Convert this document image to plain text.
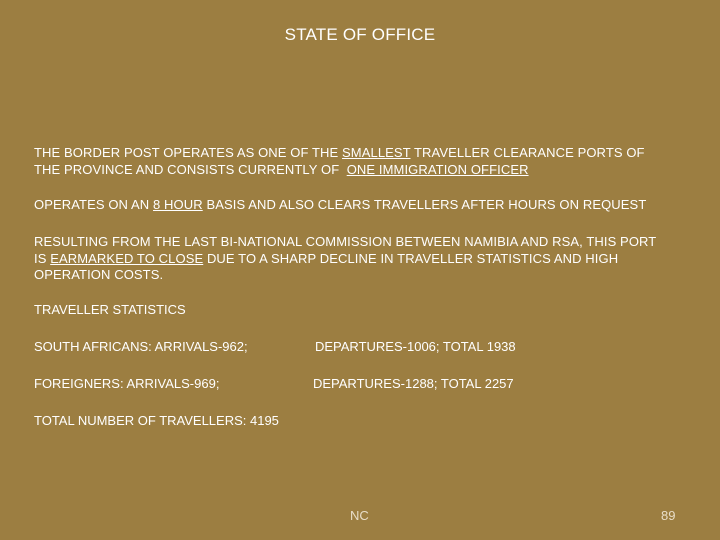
STATE OF OFFICE
THE BORDER POST OPERATES AS ONE OF THE SMALLEST TRAVELLER CLEARANCE PORTS OF
THE PROVINCE AND CONSISTS CURRENTLY OF  ONE IMMIGRATION OFFICER
OPERATES ON AN 8 HOUR BASIS AND ALSO CLEARS TRAVELLERS AFTER HOURS ON REQUEST
RESULTING FROM THE LAST BI-NATIONAL COMMISSION BETWEEN NAMIBIA AND RSA, THIS PORT
IS EARMARKED TO CLOSE DUE TO A SHARP DECLINE IN TRAVELLER STATISTICS AND HIGH
OPERATION COSTS.
TRAVELLER STATISTICS
SOUTH AFRICANS: ARRIVALS-962;	DEPARTURES-1006; TOTAL 1938
FOREIGNERS: ARRIVALS-969;	DEPARTURES-1288; TOTAL 2257
TOTAL NUMBER OF TRAVELLERS: 4195
NC	89
